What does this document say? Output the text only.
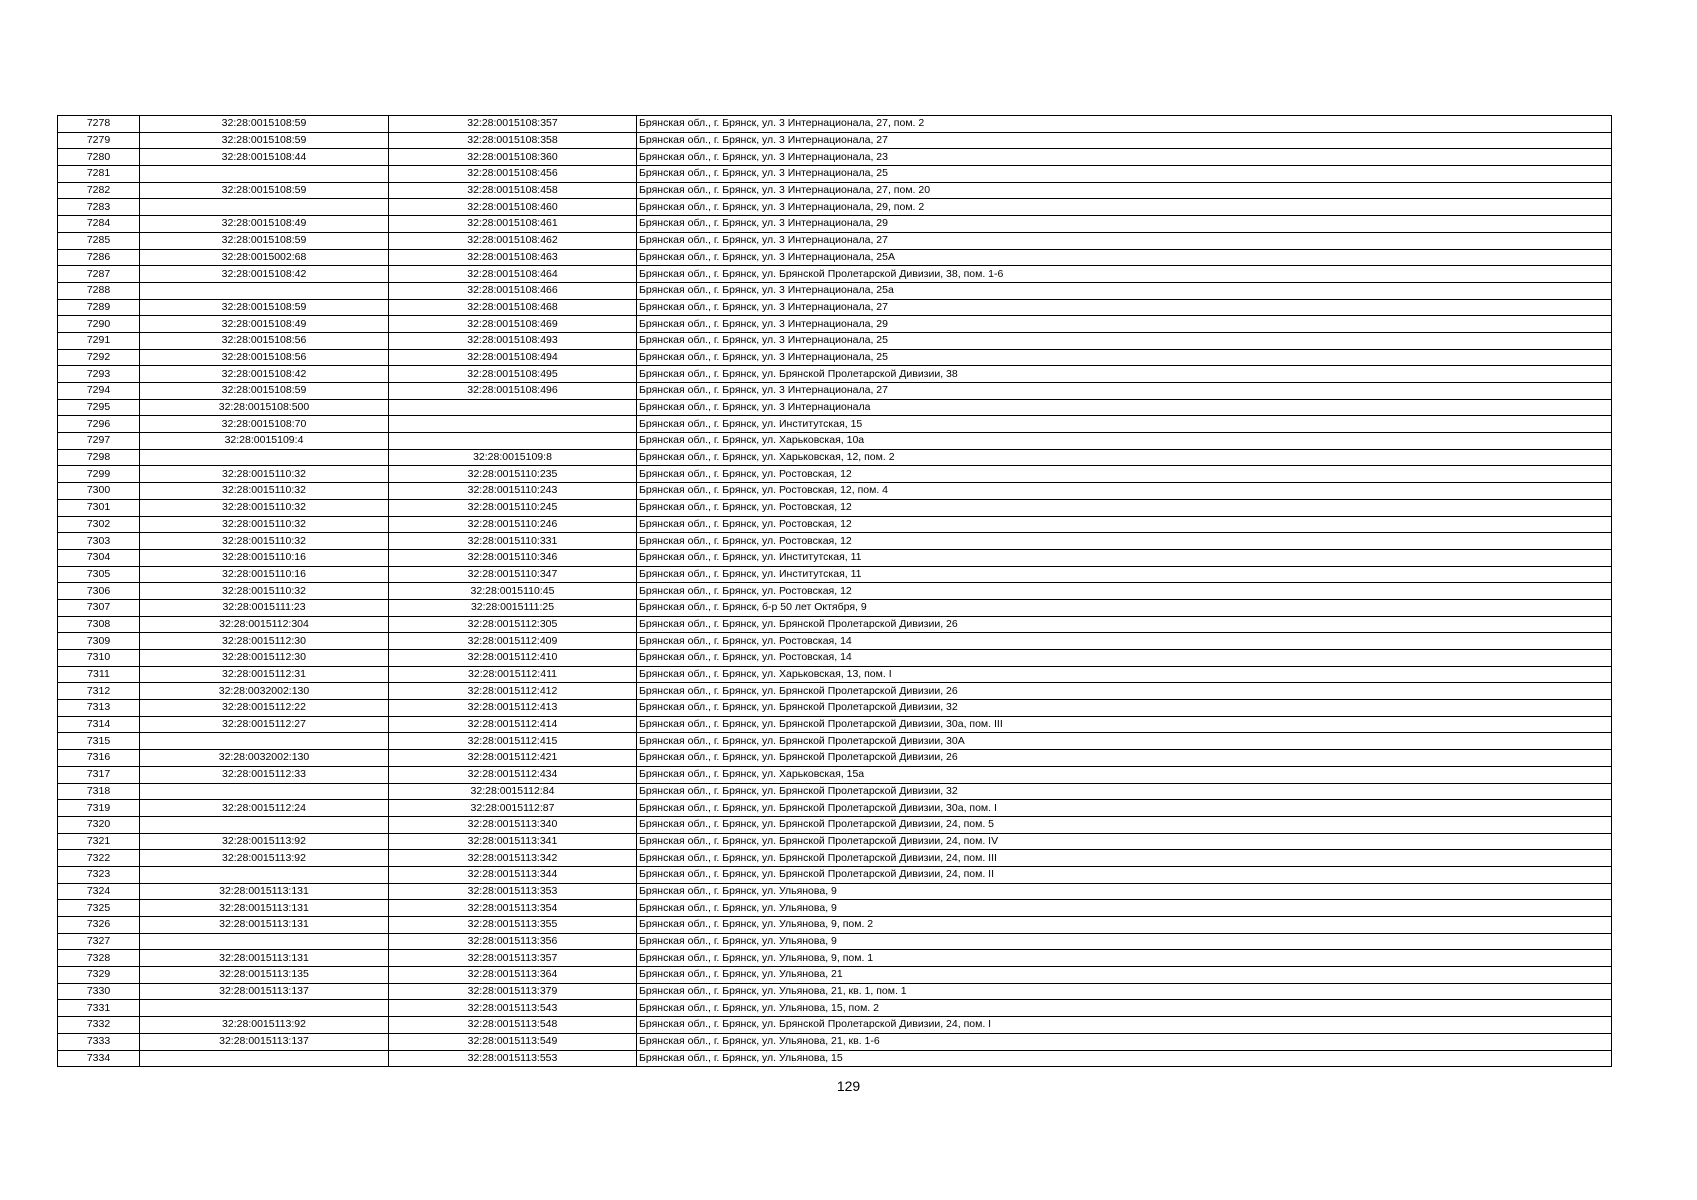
7278	32:28:0015108:59	32:28:0015108:357	Брянская обл., г. Брянск, ул. 3 Интернационала, 27, пом. 2
7279	32:28:0015108:59	32:28:0015108:358	Брянская обл., г. Брянск, ул. 3 Интернационала, 27
7280	32:28:0015108:44	32:28:0015108:360	Брянская обл., г. Брянск, ул. 3 Интернационала, 23
7281		32:28:0015108:456	Брянская обл., г. Брянск, ул. 3 Интернационала, 25
7282	32:28:0015108:59	32:28:0015108:458	Брянская обл., г. Брянск, ул. 3 Интернационала, 27, пом. 20
7283		32:28:0015108:460	Брянская обл., г. Брянск, ул. 3 Интернационала, 29, пом. 2
7284	32:28:0015108:49	32:28:0015108:461	Брянская обл., г. Брянск, ул. 3 Интернационала, 29
7285	32:28:0015108:59	32:28:0015108:462	Брянская обл., г. Брянск, ул. 3 Интернационала, 27
7286	32:28:0015002:68	32:28:0015108:463	Брянская обл., г. Брянск, ул. 3 Интернационала, 25А
7287	32:28:0015108:42	32:28:0015108:464	Брянская обл., г. Брянск, ул. Брянской Пролетарской Дивизии, 38, пом. 1-6
7288		32:28:0015108:466	Брянская обл., г. Брянск, ул. 3 Интернационала, 25а
7289	32:28:0015108:59	32:28:0015108:468	Брянская обл., г. Брянск, ул. 3 Интернационала, 27
7290	32:28:0015108:49	32:28:0015108:469	Брянская обл., г. Брянск, ул. 3 Интернационала, 29
7291	32:28:0015108:56	32:28:0015108:493	Брянская обл., г. Брянск, ул. 3 Интернационала, 25
7292	32:28:0015108:56	32:28:0015108:494	Брянская обл., г. Брянск, ул. 3 Интернационала, 25
7293	32:28:0015108:42	32:28:0015108:495	Брянская обл., г. Брянск, ул. Брянской Пролетарской Дивизии, 38
7294	32:28:0015108:59	32:28:0015108:496	Брянская обл., г. Брянск, ул. 3 Интернационала, 27
7295	32:28:0015108:500		Брянская обл., г. Брянск, ул. 3 Интернационала
7296	32:28:0015108:70		Брянская обл., г. Брянск, ул. Институтская, 15
7297	32:28:0015109:4		Брянская обл., г. Брянск, ул. Харьковская, 10а
7298		32:28:0015109:8	Брянская обл., г. Брянск, ул. Харьковская, 12, пом. 2
7299	32:28:0015110:32	32:28:0015110:235	Брянская обл., г. Брянск, ул. Ростовская, 12
7300	32:28:0015110:32	32:28:0015110:243	Брянская обл., г. Брянск, ул. Ростовская, 12, пом. 4
7301	32:28:0015110:32	32:28:0015110:245	Брянская обл., г. Брянск, ул. Ростовская, 12
7302	32:28:0015110:32	32:28:0015110:246	Брянская обл., г. Брянск, ул. Ростовская, 12
7303	32:28:0015110:32	32:28:0015110:331	Брянская обл., г. Брянск, ул. Ростовская, 12
7304	32:28:0015110:16	32:28:0015110:346	Брянская обл., г. Брянск, ул. Институтская, 11
7305	32:28:0015110:16	32:28:0015110:347	Брянская обл., г. Брянск, ул. Институтская, 11
7306	32:28:0015110:32	32:28:0015110:45	Брянская обл., г. Брянск, ул. Ростовская, 12
7307	32:28:0015111:23	32:28:0015111:25	Брянская обл., г. Брянск, б-р 50 лет Октября, 9
7308	32:28:0015112:304	32:28:0015112:305	Брянская обл., г. Брянск, ул. Брянской Пролетарской Дивизии, 26
7309	32:28:0015112:30	32:28:0015112:409	Брянская обл., г. Брянск, ул. Ростовская, 14
7310	32:28:0015112:30	32:28:0015112:410	Брянская обл., г. Брянск, ул. Ростовская, 14
7311	32:28:0015112:31	32:28:0015112:411	Брянская обл., г. Брянск, ул. Харьковская, 13, пом. I
7312	32:28:0032002:130	32:28:0015112:412	Брянская обл., г. Брянск, ул. Брянской Пролетарской Дивизии, 26
7313	32:28:0015112:22	32:28:0015112:413	Брянская обл., г. Брянск, ул. Брянской Пролетарской Дивизии, 32
7314	32:28:0015112:27	32:28:0015112:414	Брянская обл., г. Брянск, ул. Брянской Пролетарской Дивизии, 30а, пом. III
7315		32:28:0015112:415	Брянская обл., г. Брянск, ул. Брянской Пролетарской Дивизии, 30А
7316	32:28:0032002:130	32:28:0015112:421	Брянская обл., г. Брянск, ул. Брянской Пролетарской Дивизии, 26
7317	32:28:0015112:33	32:28:0015112:434	Брянская обл., г. Брянск, ул. Харьковская, 15а
7318		32:28:0015112:84	Брянская обл., г. Брянск, ул. Брянской Пролетарской Дивизии, 32
7319	32:28:0015112:24	32:28:0015112:87	Брянская обл., г. Брянск, ул. Брянской Пролетарской Дивизии, 30а, пом. I
7320		32:28:0015113:340	Брянская обл., г. Брянск, ул. Брянской Пролетарской Дивизии, 24, пом. 5
7321	32:28:0015113:92	32:28:0015113:341	Брянская обл., г. Брянск, ул. Брянской Пролетарской Дивизии, 24, пом. IV
7322	32:28:0015113:92	32:28:0015113:342	Брянская обл., г. Брянск, ул. Брянской Пролетарской Дивизии, 24, пом. III
7323		32:28:0015113:344	Брянская обл., г. Брянск, ул. Брянской Пролетарской Дивизии, 24, пом. II
7324	32:28:0015113:131	32:28:0015113:353	Брянская обл., г. Брянск, ул. Ульянова, 9
7325	32:28:0015113:131	32:28:0015113:354	Брянская обл., г. Брянск, ул. Ульянова, 9
7326	32:28:0015113:131	32:28:0015113:355	Брянская обл., г. Брянск, ул. Ульянова, 9, пом. 2
7327		32:28:0015113:356	Брянская обл., г. Брянск, ул. Ульянова, 9
7328	32:28:0015113:131	32:28:0015113:357	Брянская обл., г. Брянск, ул. Ульянова, 9, пом. 1
7329	32:28:0015113:135	32:28:0015113:364	Брянская обл., г. Брянск, ул. Ульянова, 21
7330	32:28:0015113:137	32:28:0015113:379	Брянская обл., г. Брянск, ул. Ульянова, 21, кв. 1, пом. 1
7331		32:28:0015113:543	Брянская обл., г. Брянск, ул. Ульянова, 15, пом. 2
7332	32:28:0015113:92	32:28:0015113:548	Брянская обл., г. Брянск, ул. Брянской Пролетарской Дивизии, 24, пом. I
7333	32:28:0015113:137	32:28:0015113:549	Брянская обл., г. Брянск, ул. Ульянова, 21, кв. 1-6
7334		32:28:0015113:553	Брянская обл., г. Брянск, ул. Ульянова, 15
129
